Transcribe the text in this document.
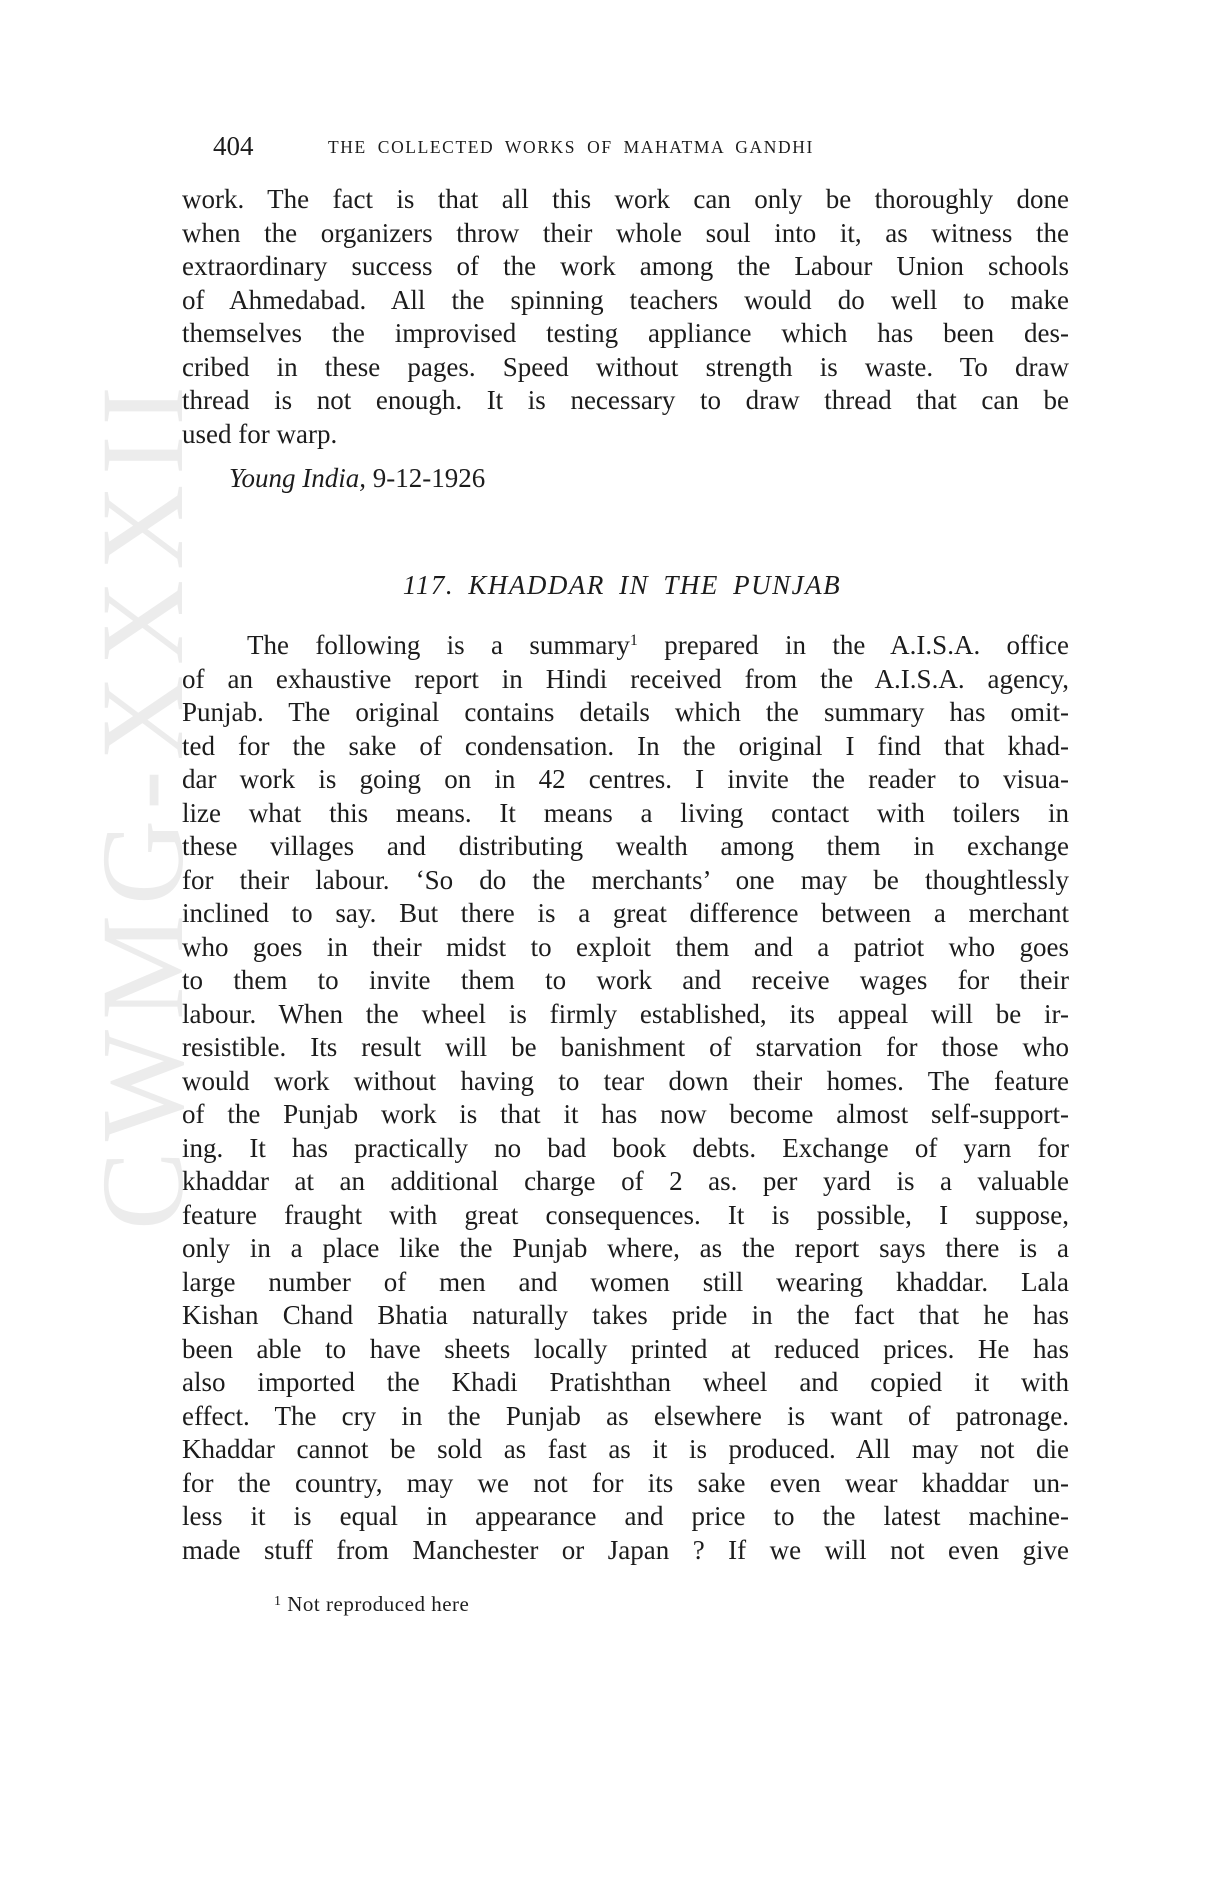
CWMG-XXXII
404	THE COLLECTED WORKS OF MAHATMA GANDHI
work. The fact is that all this work can only be thoroughly done
when the organizers throw their whole soul into it, as witness the
extraordinary success of the work among the Labour Union schools
of Ahmedabad. All the spinning teachers would do well to make
themselves the improvised testing appliance which has been des-
cribed in these pages. Speed without strength is waste. To draw
thread is not enough. It is necessary to draw thread that can be
used for warp.
Young India, 9-12-1926
117. KHADDAR IN THE PUNJAB
The following is a summary$^1$ prepared in the A.I.S.A. office
of an exhaustive report in Hindi received from the A.I.S.A. agency,
Punjab. The original contains details which the summary has omit-
ted for the sake of condensation. In the original I find that khad-
dar work is going on in 42 centres. I invite the reader to visua-
lize what this means. It means a living contact with toilers in
these villages and distributing wealth among them in exchange
for their labour. ‘So do the merchants’ one may be thoughtlessly
inclined to say. But there is a great difference between a merchant
who goes in their midst to exploit them and a patriot who goes
to them to invite them to work and receive wages for their
labour. When the wheel is firmly established, its appeal will be ir-
resistible. Its result will be banishment of starvation for those who
would work without having to tear down their homes. The feature
of the Punjab work is that it has now become almost self-support-
ing. It has practically no bad book debts. Exchange of yarn for
khaddar at an additional charge of 2 as. per yard is a valuable
feature fraught with great consequences. It is possible, I suppose,
only in a place like the Punjab where, as the report says there is a
large number of men and women still wearing khaddar. Lala
Kishan Chand Bhatia naturally takes pride in the fact that he has
been able to have sheets locally printed at reduced prices. He has
also imported the Khadi Pratishthan wheel and copied it with
effect. The cry in the Punjab as elsewhere is want of patronage.
Khaddar cannot be sold as fast as it is produced. All may not die
for the country, may we not for its sake even wear khaddar un-
less it is equal in appearance and price to the latest machine-
made stuff from Manchester or Japan ? If we will not even give
$^1$ Not reproduced here
